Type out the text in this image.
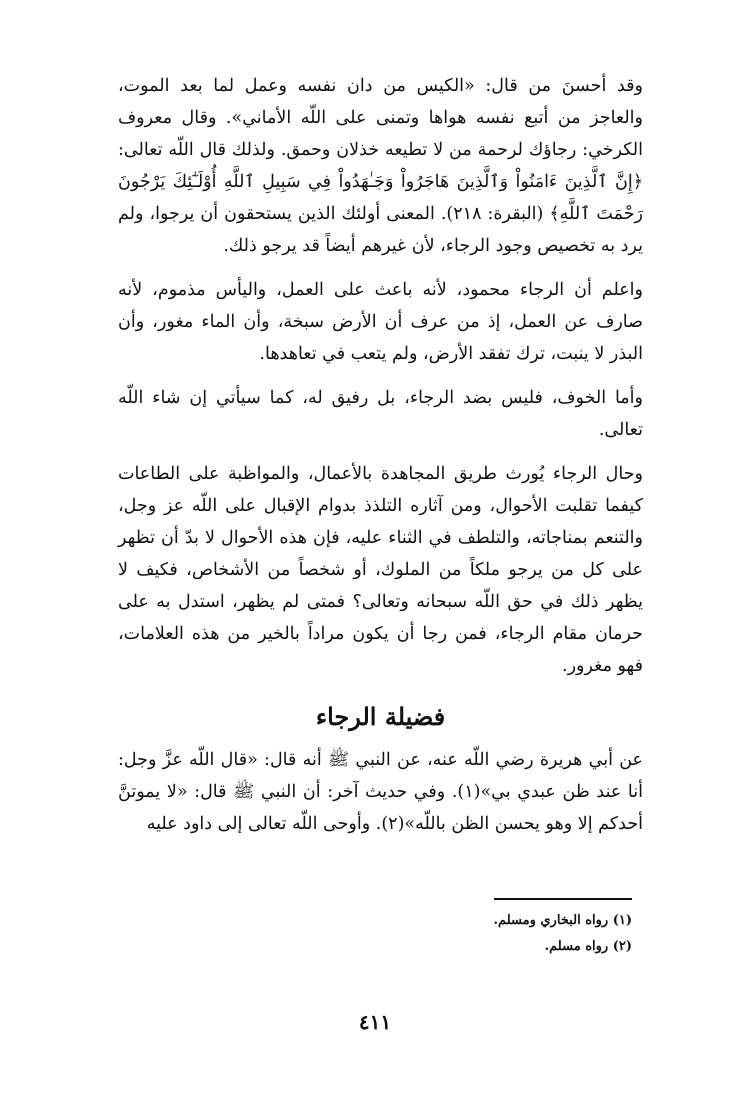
وقد أحسنَ من قال: «الكيس من دان نفسه وعمل لما بعد الموت، والعاجز من أتبع نفسه هواها وتمنى على اللّه الأماني». وقال معروف الكرخي: رجاؤك لرحمة من لا تطيعه خذلان وحمق. ولذلك قال اللّه تعالى: ﴿إِنَّ ٱلَّذِينَ ءَامَنُواْ وَٱلَّذِينَ هَاجَرُواْ وَجَـٰهَدُواْ فِي سَبِيلِ ٱللَّهِ أُوْلَـٰٓئِكَ يَرْجُونَ رَحْمَتَ ٱللَّهِ﴾ (البقرة: ٢١٨). المعنى أولئك الذين يستحقون أن يرجوا، ولم يرد به تخصيص وجود الرجاء، لأن غيرهم أيضاً قد يرجو ذلك.

واعلم أن الرجاء محمود، لأنه باعث على العمل، واليأس مذموم، لأنه صارف عن العمل، إذ من عرف أن الأرض سبخة، وأن الماء مغور، وأن البذر لا ينبت، ترك تفقد الأرض، ولم يتعب في تعاهدها.

وأما الخوف، فليس بضد الرجاء، بل رفيق له، كما سيأتي إن شاء اللّه تعالى.

وحال الرجاء يُورث طريق المجاهدة بالأعمال، والمواظبة على الطاعات كيفما تقلبت الأحوال، ومن آثاره التلذذ بدوام الإقبال على اللّه عز وجل، والتنعم بمناجاته، والتلطف في الثناء عليه، فإن هذه الأحوال لا بدّ أن تظهر على كل من يرجو ملكاً من الملوك، أو شخصاً من الأشخاص، فكيف لا يظهر ذلك في حق اللّه سبحانه وتعالى؟ فمتى لم يظهر، استدل به على حرمان مقام الرجاء، فمن رجا أن يكون مراداً بالخير من هذه العلامات، فهو مغرور.

فضيلة الرجاء

عن أبي هريرة رضي اللّه عنه، عن النبي ﷺ أنه قال: «قال اللّه عزَّ وجل: أنا عند ظن عبدي بي»(١). وفي حديث آخر: أن النبي ﷺ قال: «لا يموتنَّ أحدكم إلا وهو يحسن الظن باللّه»(٢). وأوحى اللّه تعالى إلى داود عليه

(١) رواه البخاري ومسلم.
(٢) رواه مسلم.
٤١١
